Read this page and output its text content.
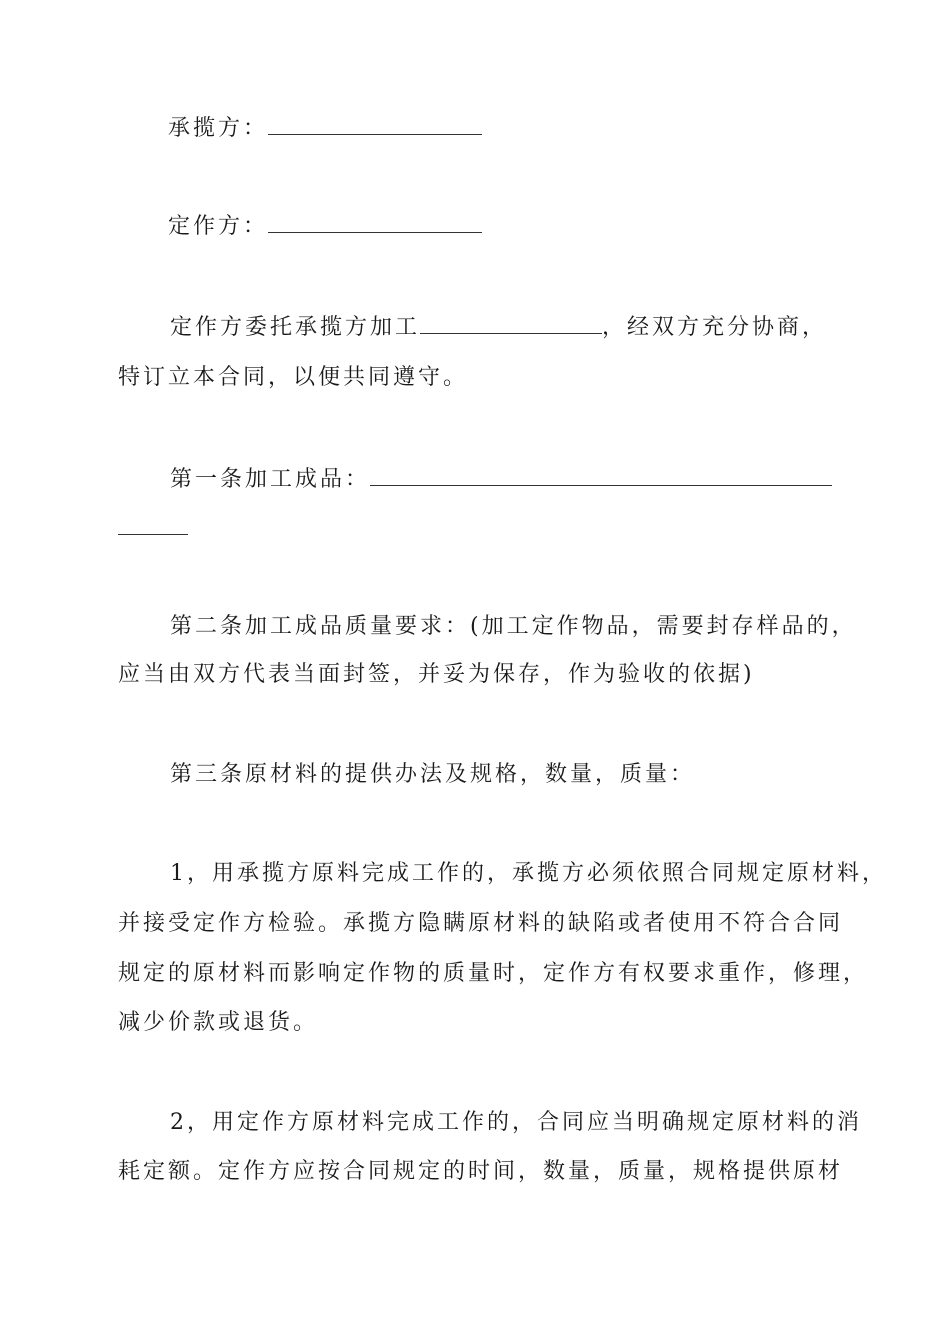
承揽方：
定作方：
定作方委托承揽方加工	，经双方充分协商，
特订立本合同，以便共同遵守。
第一条加工成品：
第二条加工成品质量要求：(加工定作物品，需要封存样品的，
应当由双方代表当面封签，并妥为保存，作为验收的依据)
第三条原材料的提供办法及规格，数量，质量：
1，用承揽方原料完成工作的，承揽方必须依照合同规定原材料，
并接受定作方检验。承揽方隐瞒原材料的缺陷或者使用不符合合同
规定的原材料而影响定作物的质量时，定作方有权要求重作，修理，
减少价款或退货。
2，用定作方原材料完成工作的，合同应当明确规定原材料的消
耗定额。定作方应按合同规定的时间，数量，质量，规格提供原材
